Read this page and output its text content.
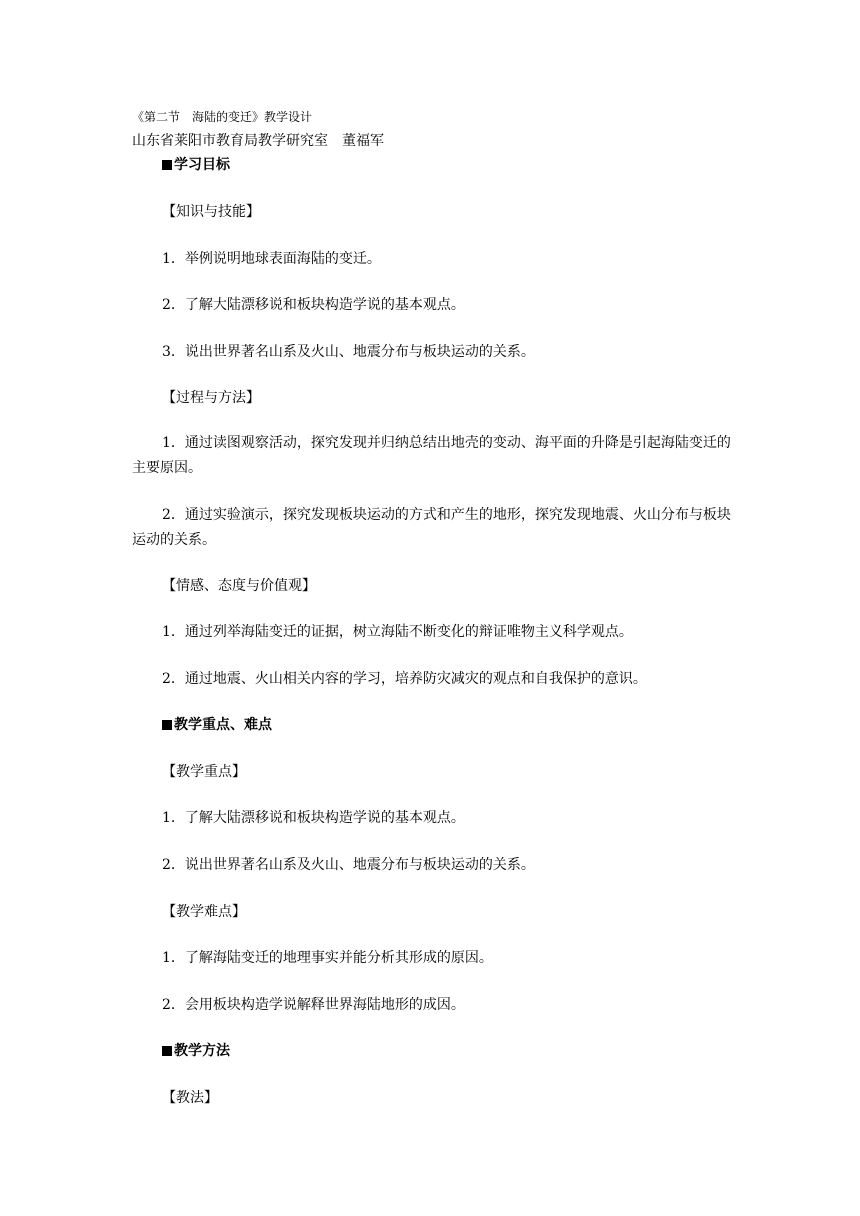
《第二节　海陆的变迁》教学设计
山东省莱阳市教育局教学研究室　董福军
学习目标
【知识与技能】
1．举例说明地球表面海陆的变迁。
2．了解大陆漂移说和板块构造学说的基本观点。
3．说出世界著名山系及火山、地震分布与板块运动的关系。
【过程与方法】
1．通过读图观察活动，探究发现并归纳总结出地壳的变动、海平面的升降是引起海陆变迁的主要原因。
2．通过实验演示，探究发现板块运动的方式和产生的地形，探究发现地震、火山分布与板块运动的关系。
【情感、态度与价值观】
1．通过列举海陆变迁的证据，树立海陆不断变化的辩证唯物主义科学观点。
2．通过地震、火山相关内容的学习，培养防灾减灾的观点和自我保护的意识。
教学重点、难点
【教学重点】
1．了解大陆漂移说和板块构造学说的基本观点。
2．说出世界著名山系及火山、地震分布与板块运动的关系。
【教学难点】
1．了解海陆变迁的地理事实并能分析其形成的原因。
2．会用板块构造学说解释世界海陆地形的成因。
教学方法
【教法】
